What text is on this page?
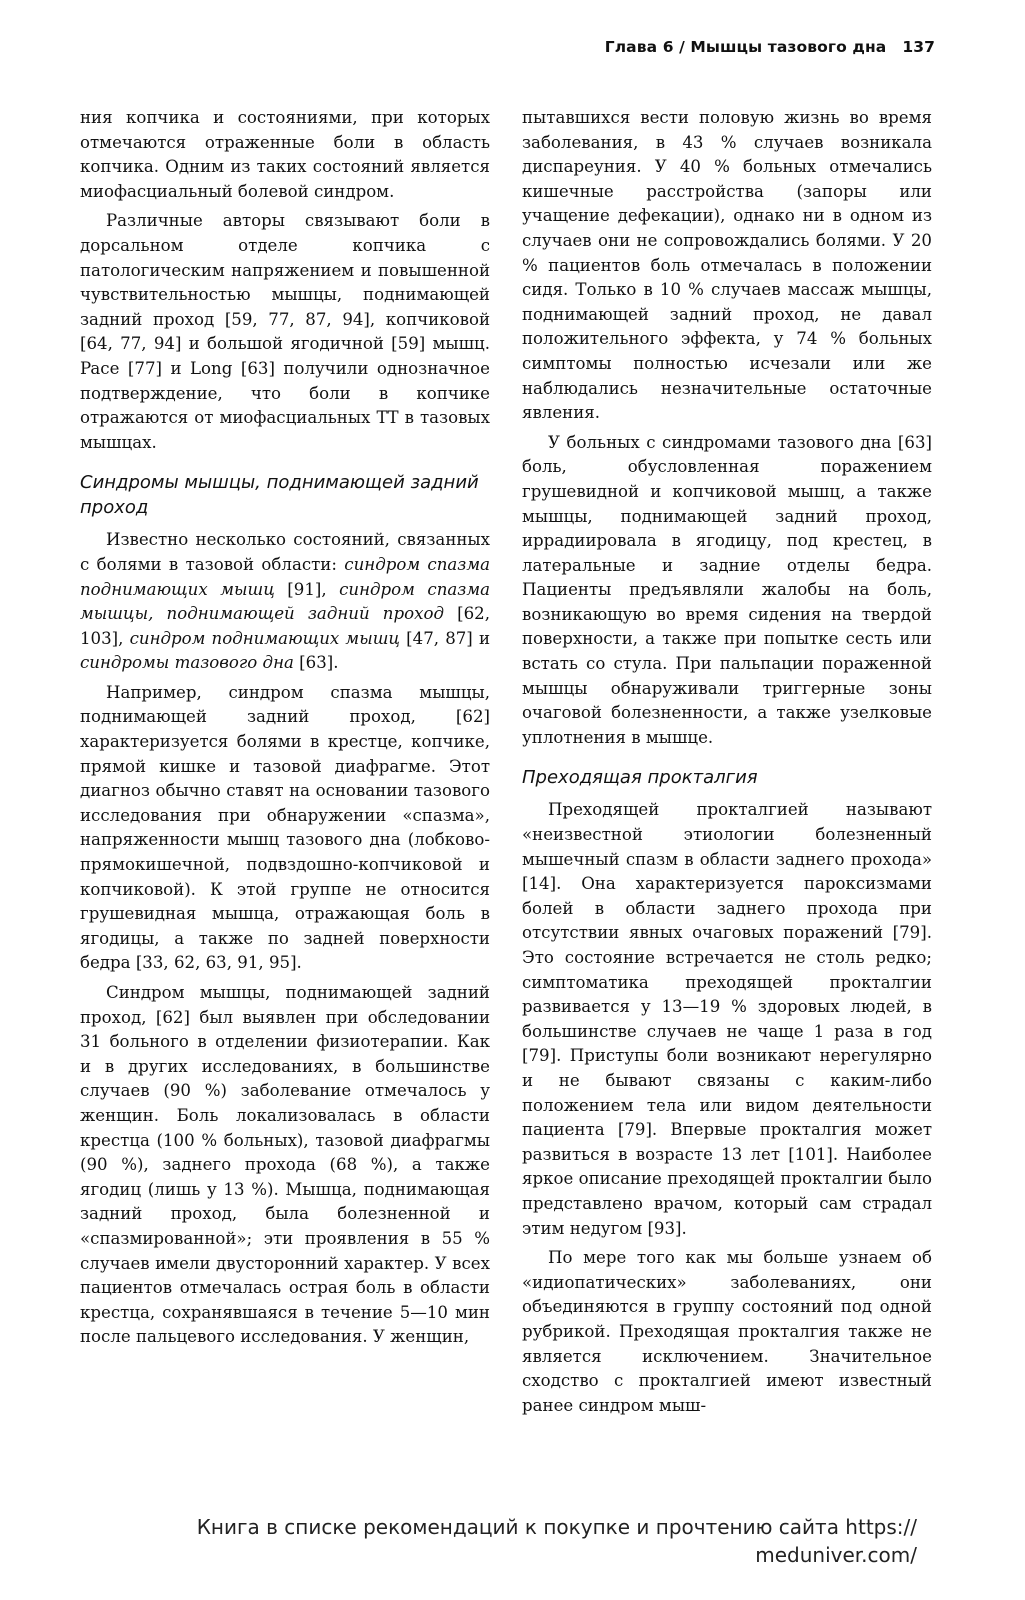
Глава 6 / Мышцы тазового дна 137

ния копчика и состояниями, при которых отмечаются отраженные боли в область копчика. Одним из таких состояний является миофасциальный болевой синдром.

Различные авторы связывают боли в дорсальном отделе копчика с патологическим напряжением и повышенной чувствительностью мышцы, поднимающей задний проход [59, 77, 87, 94], копчиковой [64, 77, 94] и большой ягодичной [59] мышц. Pace [77] и Long [63] получили однозначное подтверждение, что боли в копчике отражаются от миофасциальных ТТ в тазовых мышцах.

Синдромы мышцы, поднимающей задний проход

Известно несколько состояний, связанных с болями в тазовой области: синдром спазма поднимающих мышц [91], синдром спазма мышцы, поднимающей задний проход [62, 103], синдром поднимающих мышц [47, 87] и синдромы тазового дна [63].

Например, синдром спазма мышцы, поднимающей задний проход, [62] характеризуется болями в крестце, копчике, прямой кишке и тазовой диафрагме. Этот диагноз обычно ставят на основании тазового исследования при обнаружении «спазма», напряженности мышц тазового дна (лобково-прямокишечной, подвздошно-копчиковой и копчиковой). К этой группе не относится грушевидная мышца, отражающая боль в ягодицы, а также по задней поверхности бедра [33, 62, 63, 91, 95].

Синдром мышцы, поднимающей задний проход, [62] был выявлен при обследовании 31 больного в отделении физиотерапии. Как и в других исследованиях, в большинстве случаев (90 %) заболевание отмечалось у женщин. Боль локализовалась в области крестца (100 % больных), тазовой диафрагмы (90 %), заднего прохода (68 %), а также ягодиц (лишь у 13 %). Мышца, поднимающая задний проход, была болезненной и «спазмированной»; эти проявления в 55 % случаев имели двусторонний характер. У всех пациентов отмечалась острая боль в области крестца, сохранявшаяся в течение 5—10 мин после пальцевого исследования. У женщин,

пытавшихся вести половую жизнь во время заболевания, в 43 % случаев возникала диспареуния. У 40 % больных отмечались кишечные расстройства (запоры или учащение дефекации), однако ни в одном из случаев они не сопровождались болями. У 20 % пациентов боль отмечалась в положении сидя. Только в 10 % случаев массаж мышцы, поднимающей задний проход, не давал положительного эффекта, у 74 % больных симптомы полностью исчезали или же наблюдались незначительные остаточные явления.

У больных с синдромами тазового дна [63] боль, обусловленная поражением грушевидной и копчиковой мышц, а также мышцы, поднимающей задний проход, иррадиировала в ягодицу, под крестец, в латеральные и задние отделы бедра. Пациенты предъявляли жалобы на боль, возникающую во время сидения на твердой поверхности, а также при попытке сесть или встать со стула. При пальпации пораженной мышцы обнаруживали триггерные зоны очаговой болезненности, а также узелковые уплотнения в мышце.

Преходящая прокталгия

Преходящей прокталгией называют «неизвестной этиологии болезненный мышечный спазм в области заднего прохода» [14]. Она характеризуется пароксизмами болей в области заднего прохода при отсутствии явных очаговых поражений [79]. Это состояние встречается не столь редко; симптоматика преходящей прокталгии развивается у 13—19 % здоровых людей, в большинстве случаев не чаще 1 раза в год [79]. Приступы боли возникают нерегулярно и не бывают связаны с каким-либо положением тела или видом деятельности пациента [79]. Впервые прокталгия может развиться в возрасте 13 лет [101]. Наиболее яркое описание преходящей прокталгии было представлено врачом, который сам страдал этим недугом [93].

По мере того как мы больше узнаем об «идиопатических» заболеваниях, они объединяются в группу состояний под одной рубрикой. Преходящая прокталгия также не является исключением. Значительное сходство с прокталгией имеют известный ранее синдром мыш-

Книга в списке рекомендаций к покупке и прочтению сайта https://
meduniver.com/
